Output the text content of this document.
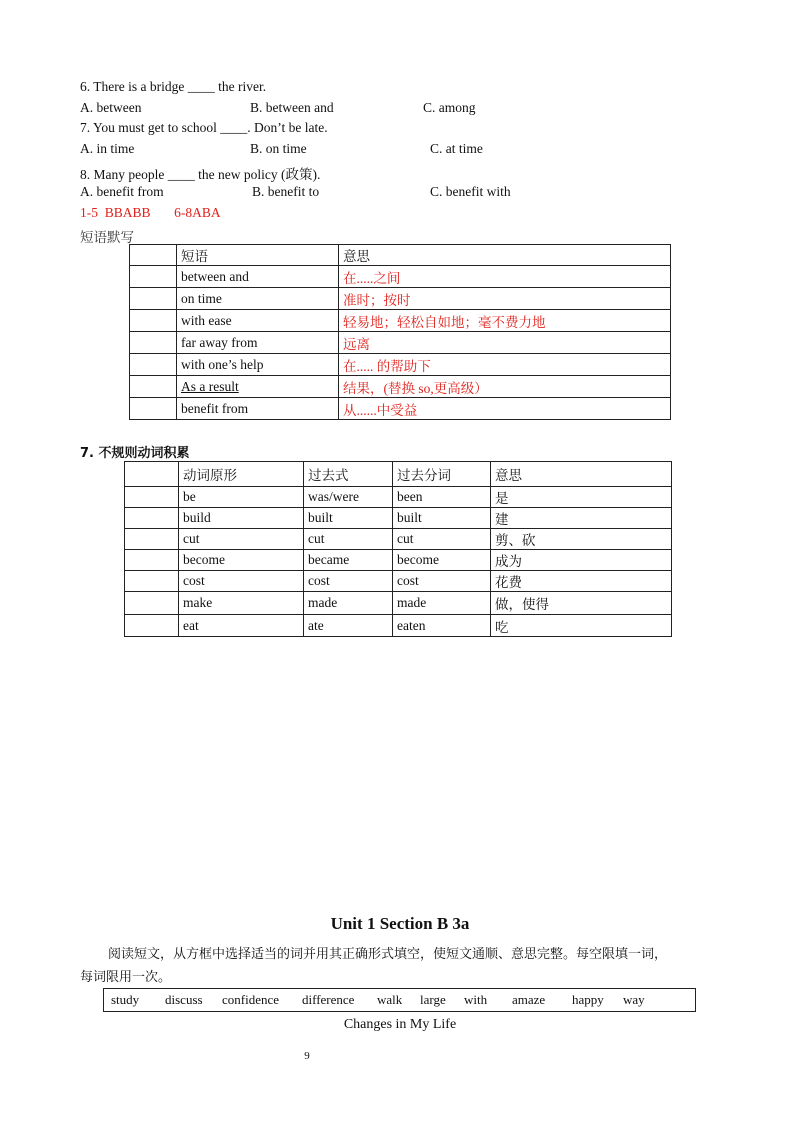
6. There is a bridge ____ the river.
A. between	B. between and	C. among
7. You must get to school ____. Don’t be late.
A. in time	B. on time	C. at time
8. Many people ____ the new policy (政策).
A. benefit from	B. benefit to	C. benefit with
1-5  BBABB       6-8ABA
短语默写
	短语	意思
	between and	在.....之间
	on time	准时；按时
	with ease	轻易地；轻松自如地；毫不费力地
	far away from	远离
	with one’s help	在..... 的帮助下
	As a result	结果，(替换 so,更高级）
	benefit from	从......中受益
7. 不规则动词积累
	动词原形	过去式	过去分词	意思
	be	was/were	been	是
	build	built	built	建
	cut	cut	cut	剪、砍
	become	became	become	成为
	cost	cost	cost	花费
	make	made	made	做，使得
	eat	ate	eaten	吃
Unit 1 Section B 3a
阅读短文，从方框中选择适当的词并用其正确形式填空，使短文通顺、意思完整。每空限填一词，
每词限用一次。
study discuss confidence difference walk large with amaze happy way
Changes in My Life
9
